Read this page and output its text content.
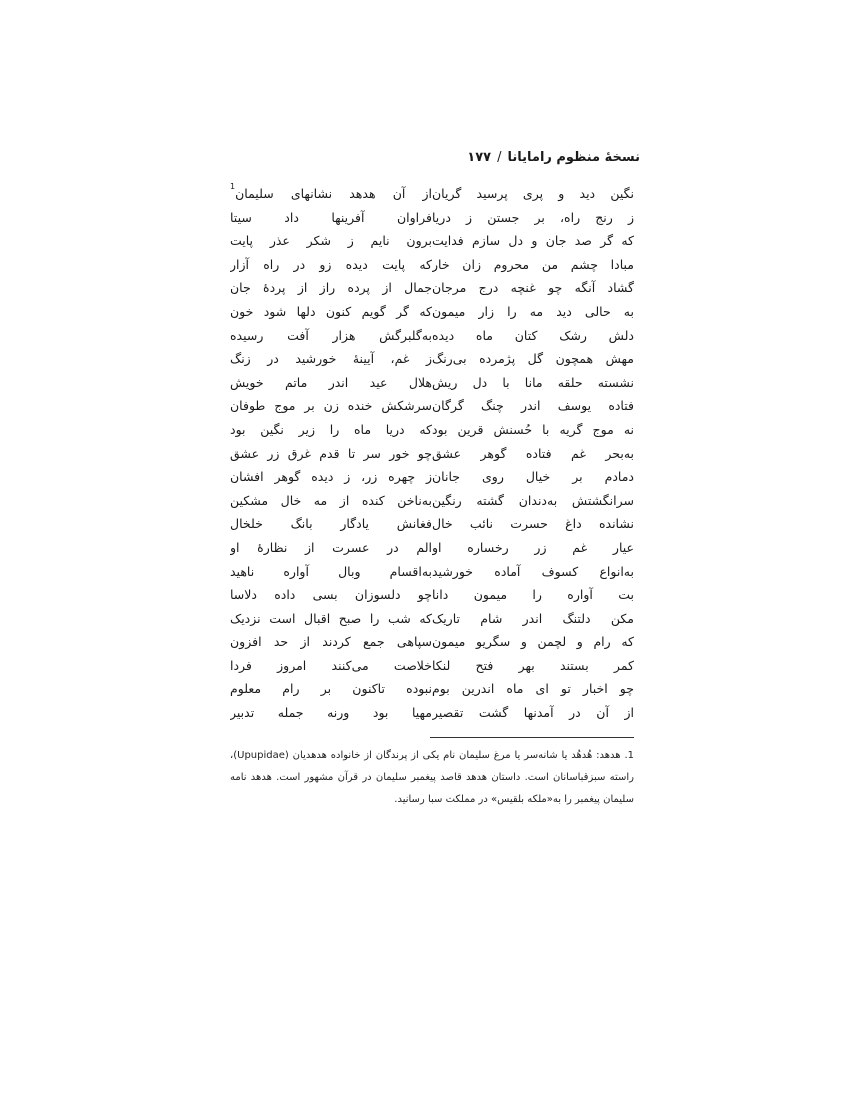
نسخهٔ منظوم رامایانا/۱۷۷
نگین دید و پری پرسید گریان
ز رنج راه، بر جستن ز دریا
که گر صد جان و دل سازم فدایت
مبادا چشم من محروم زان خار
گشاد آنگه چو غنچه درج مرجان
به حالی دید مه را زار میمون
دلش رشک کتان ماه دیده
مهش همچون گل پژمرده بی‌رنگ
نشسته حلقه مانا با دل ریش
فتاده یوسف اندر چنگ گرگان
نه موج گریه با حُسنش قرین بود
به‌بحر غم فتاده گوهر عشق
دمادم بر خیال روی جانان
سرانگشتش به‌دندان گشته رنگین
نشانده داغ حسرت نائب خال
عیار غم زر رخساره او
به‌انواع کسوف آماده خورشید
بت آواره را میمون دانا
مکن دلتنگ اندر شام تاریک
که رام و لچمن و سگریو میمون
کمر بستند بهر فتح لنکا
چو اخبار تو ای ماه اندرین بوم
از آن در آمدنها گشت تقصیر
از آن هدهد نشانهای سلیمان$^1$
فراوان آفرینها داد سیتا
برون نایم ز شکر عذر پایت
که پایت دیده زو در راه آزار
جمال از پرده راز از پردهٔ جان
که گر گویم کنون دلها شود خون
به‌گلبرگش هزار آفت رسیده
ز غم، آیینهٔ خورشید در زنگ
هلال عید اندر ماتم خویش
سرشکش خنده زن بر موج طوفان
که دریا ماه را زیر نگین بود
چو خور سر تا قدم غرق زر عشق
ز چهره زر، ز دیده گوهر افشان
به‌ناخن کنده از مه خال مشکین
فغانش یادگار بانگ خلخال
الم در عسرت از نظارهٔ او
به‌اقسام وبال آواره ناهید
چو دلسوزان بسی داده دلاسا
که شب را صبح اقبال است نزدیک
سپاهی جمع کردند از حد افزون
خلاصت می‌کنند امروز فردا
نبوده تاکنون بر رام معلوم
مهیا بود ورنه جمله تدبیر
1. هدهد: هُدهُد یا شانه‌سر یا مرغ سلیمان نام یکی از پرندگان از خانواده هدهدیان (Upupidae)، راسته سبزقباسانان است. داستان هدهد قاصد پیغمبر سلیمان در قرآن مشهور است. هدهد نامه سلیمان پیغمبر را به«ملکه بلقیس» در مملکت سبا رسانید.
